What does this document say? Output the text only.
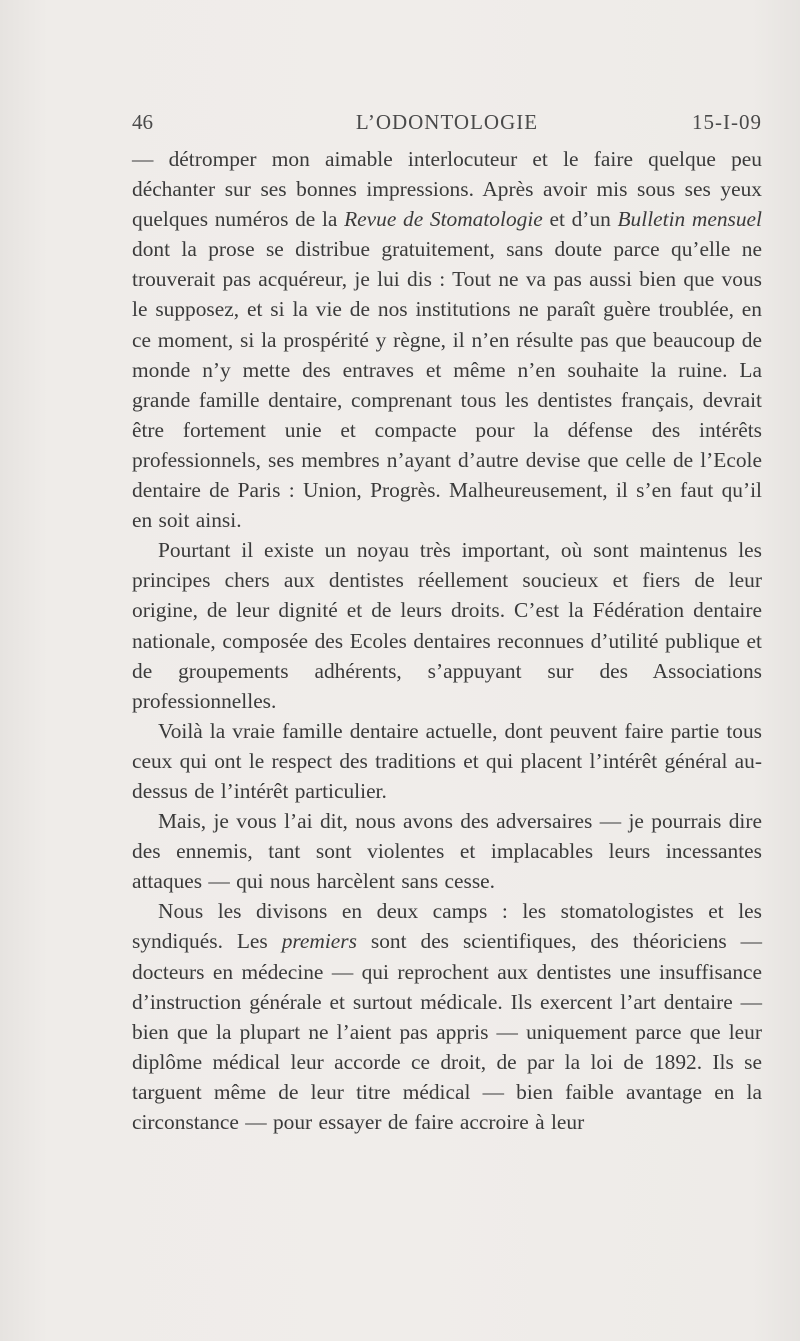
46	L’ODONTOLOGIE	15-I-09

— détromper mon aimable interlocuteur et le faire quelque peu déchanter sur ses bonnes impressions. Après avoir mis sous ses yeux quelques numéros de la Revue de Stomatologie et d’un Bulletin mensuel dont la prose se distribue gratuitement, sans doute parce qu’elle ne trouverait pas acquéreur, je lui dis : Tout ne va pas aussi bien que vous le supposez, et si la vie de nos institutions ne paraît guère troublée, en ce moment, si la prospérité y règne, il n’en résulte pas que beaucoup de monde n’y mette des entraves et même n’en souhaite la ruine. La grande famille dentaire, comprenant tous les dentistes français, devrait être fortement unie et compacte pour la défense des intérêts professionnels, ses membres n’ayant d’autre devise que celle de l’Ecole dentaire de Paris : Union, Progrès. Malheureusement, il s’en faut qu’il en soit ainsi.

Pourtant il existe un noyau très important, où sont maintenus les principes chers aux dentistes réellement soucieux et fiers de leur origine, de leur dignité et de leurs droits. C’est la Fédération dentaire nationale, composée des Ecoles dentaires reconnues d’utilité publique et de groupements adhérents, s’appuyant sur des Associations professionnelles.

Voilà la vraie famille dentaire actuelle, dont peuvent faire partie tous ceux qui ont le respect des traditions et qui placent l’intérêt général au-dessus de l’intérêt particulier.

Mais, je vous l’ai dit, nous avons des adversaires — je pourrais dire des ennemis, tant sont violentes et implacables leurs incessantes attaques — qui nous harcèlent sans cesse.

Nous les divisons en deux camps : les stomatologistes et les syndiqués. Les premiers sont des scientifiques, des théoriciens — docteurs en médecine — qui reprochent aux dentistes une insuffisance d’instruction générale et surtout médicale. Ils exercent l’art dentaire — bien que la plupart ne l’aient pas appris — uniquement parce que leur diplôme médical leur accorde ce droit, de par la loi de 1892. Ils se targuent même de leur titre médical — bien faible avantage en la circonstance — pour essayer de faire accroire à leur
